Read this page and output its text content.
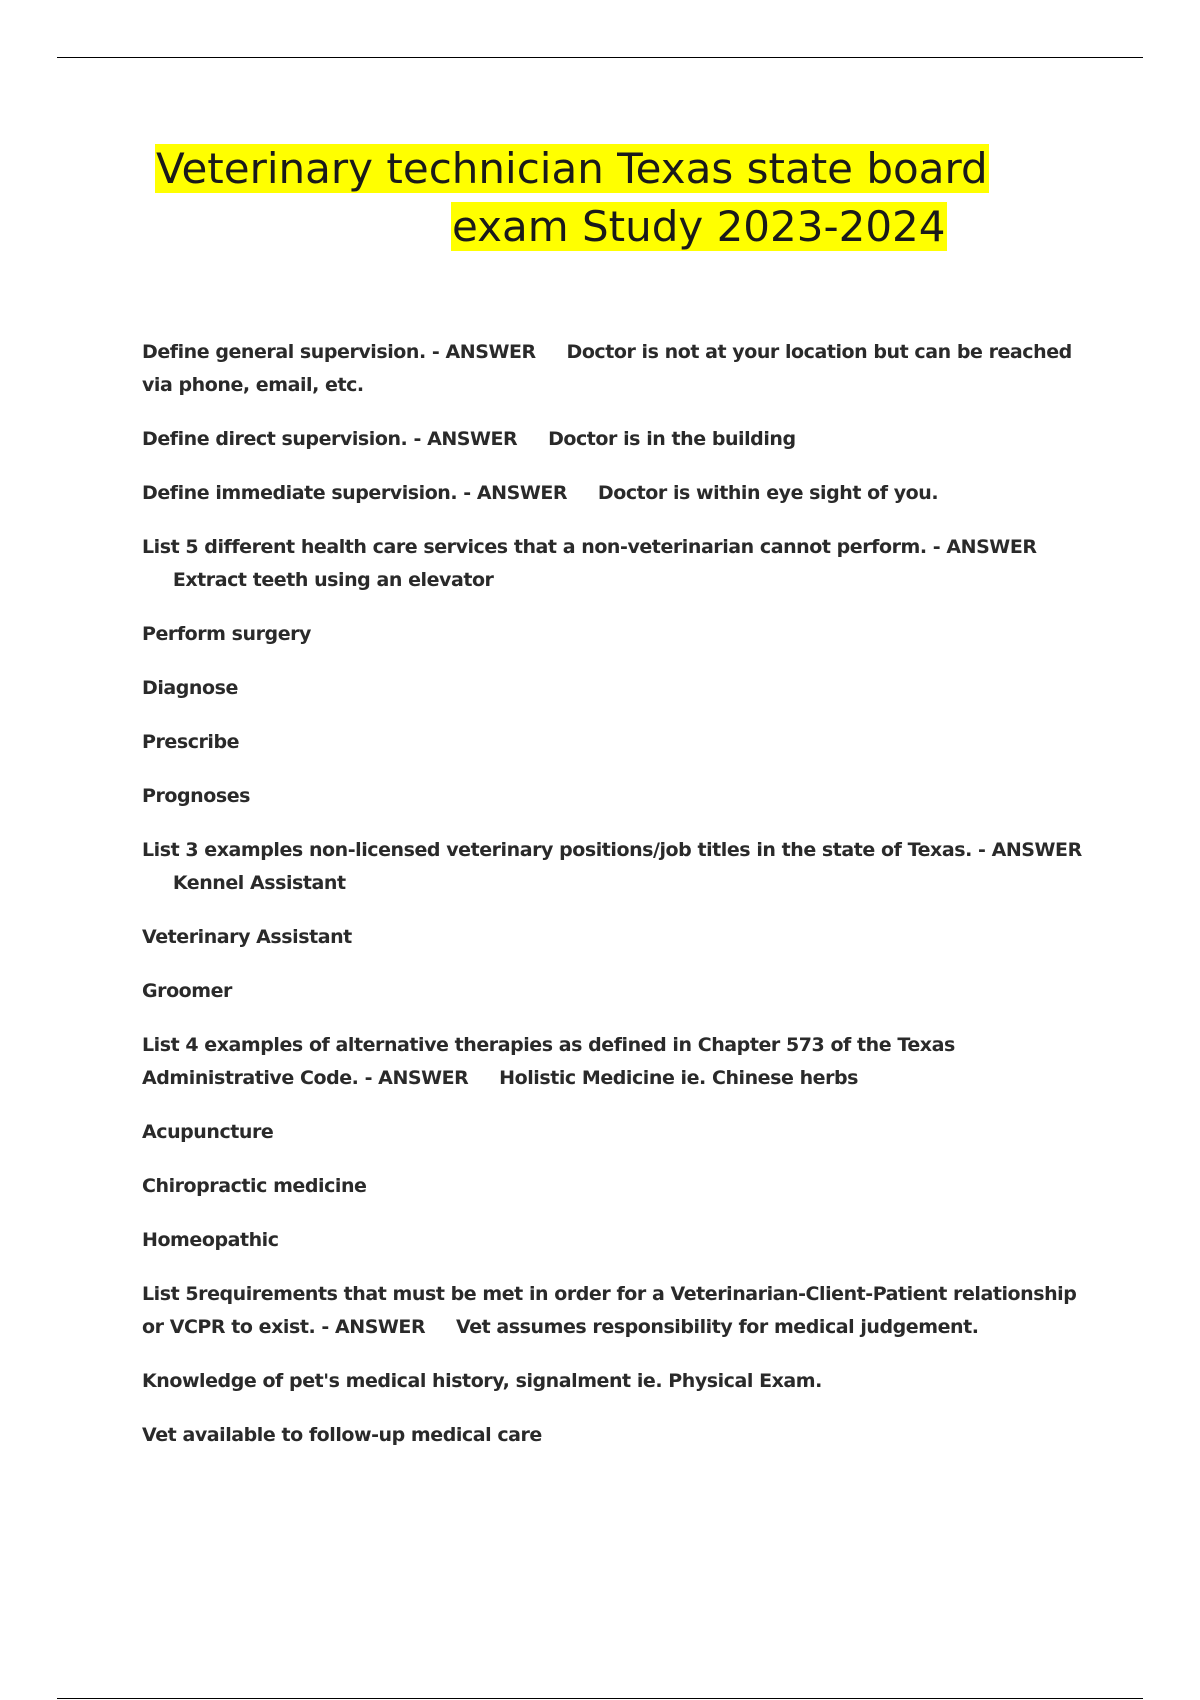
Veterinary technician Texas state board
exam Study 2023-2024

Define general supervision. - ANSWER Doctor is not at your location but can be reached via phone, email, etc.

Define direct supervision. - ANSWER Doctor is in the building

Define immediate supervision. - ANSWER Doctor is within eye sight of you.

List 5 different health care services that a non-veterinarian cannot perform. - ANSWER     Extract teeth using an elevator

Perform surgery

Diagnose

Prescribe

Prognoses

List 3 examples non-licensed veterinary positions/job titles in the state of Texas. - ANSWER     Kennel Assistant

Veterinary Assistant

Groomer

List 4 examples of alternative therapies as defined in Chapter 573 of the Texas Administrative Code. - ANSWER Holistic Medicine ie. Chinese herbs

Acupuncture

Chiropractic medicine

Homeopathic

List 5requirements that must be met in order for a Veterinarian-Client-Patient relationship or VCPR to exist. - ANSWER Vet assumes responsibility for medical judgement.

Knowledge of pet's medical history, signalment ie. Physical Exam.

Vet available to follow-up medical care
